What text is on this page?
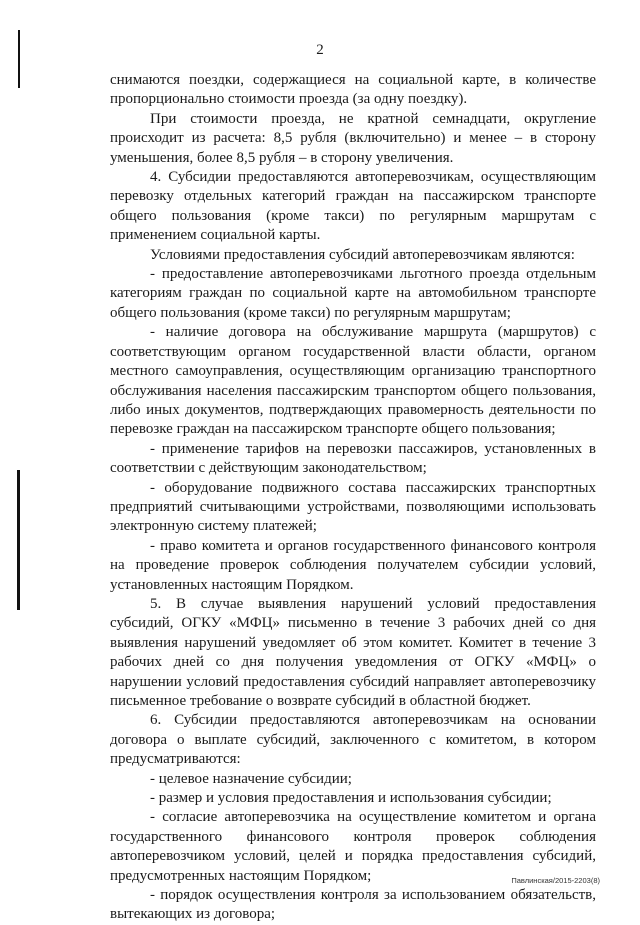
2

снимаются поездки, содержащиеся на социальной карте, в количестве пропорционально стоимости проезда (за одну поездку).

При стоимости проезда, не кратной семнадцати, округление происходит из расчета: 8,5 рубля (включительно) и менее – в сторону уменьшения, более 8,5 рубля – в сторону увеличения.

4. Субсидии предоставляются автоперевозчикам, осуществляющим перевозку отдельных категорий граждан на пассажирском транспорте общего пользования (кроме такси) по регулярным маршрутам с применением социальной карты.

Условиями предоставления субсидий автоперевозчикам являются:

- предоставление автоперевозчиками льготного проезда отдельным категориям граждан по социальной карте на автомобильном транспорте общего пользования (кроме такси) по регулярным маршрутам;

- наличие договора на обслуживание маршрута (маршрутов) с соответствующим органом государственной власти области, органом местного самоуправления, осуществляющим организацию транспортного обслуживания населения пассажирским транспортом общего пользования, либо иных документов, подтверждающих правомерность деятельности по перевозке граждан на пассажирском транспорте общего пользования;

- применение тарифов на перевозки пассажиров, установленных в соответствии с действующим законодательством;

- оборудование подвижного состава пассажирских транспортных предприятий считывающими устройствами, позволяющими использовать электронную систему платежей;

- право комитета и органов государственного финансового контроля на проведение проверок соблюдения получателем субсидии условий, установленных настоящим Порядком.

5. В случае выявления нарушений условий предоставления субсидий, ОГКУ «МФЦ» письменно в течение 3 рабочих дней со дня выявления нарушений уведомляет об этом комитет. Комитет в течение 3 рабочих дней со дня получения уведомления от ОГКУ «МФЦ» о нарушении условий предоставления субсидий направляет автоперевозчику письменное требование о возврате субсидий в областной бюджет.

6. Субсидии предоставляются автоперевозчикам на основании договора о выплате субсидий, заключенного с комитетом, в котором предусматриваются:

- целевое назначение субсидии;

- размер и условия предоставления и использования субсидии;

- согласие автоперевозчика на осуществление комитетом и органа государственного финансового контроля проверок соблюдения автоперевозчиком условий, целей и порядка предоставления субсидий, предусмотренных настоящим Порядком;

- порядок осуществления контроля за использованием обязательств, вытекающих из договора;

Павлинская/2015-2203(8)
